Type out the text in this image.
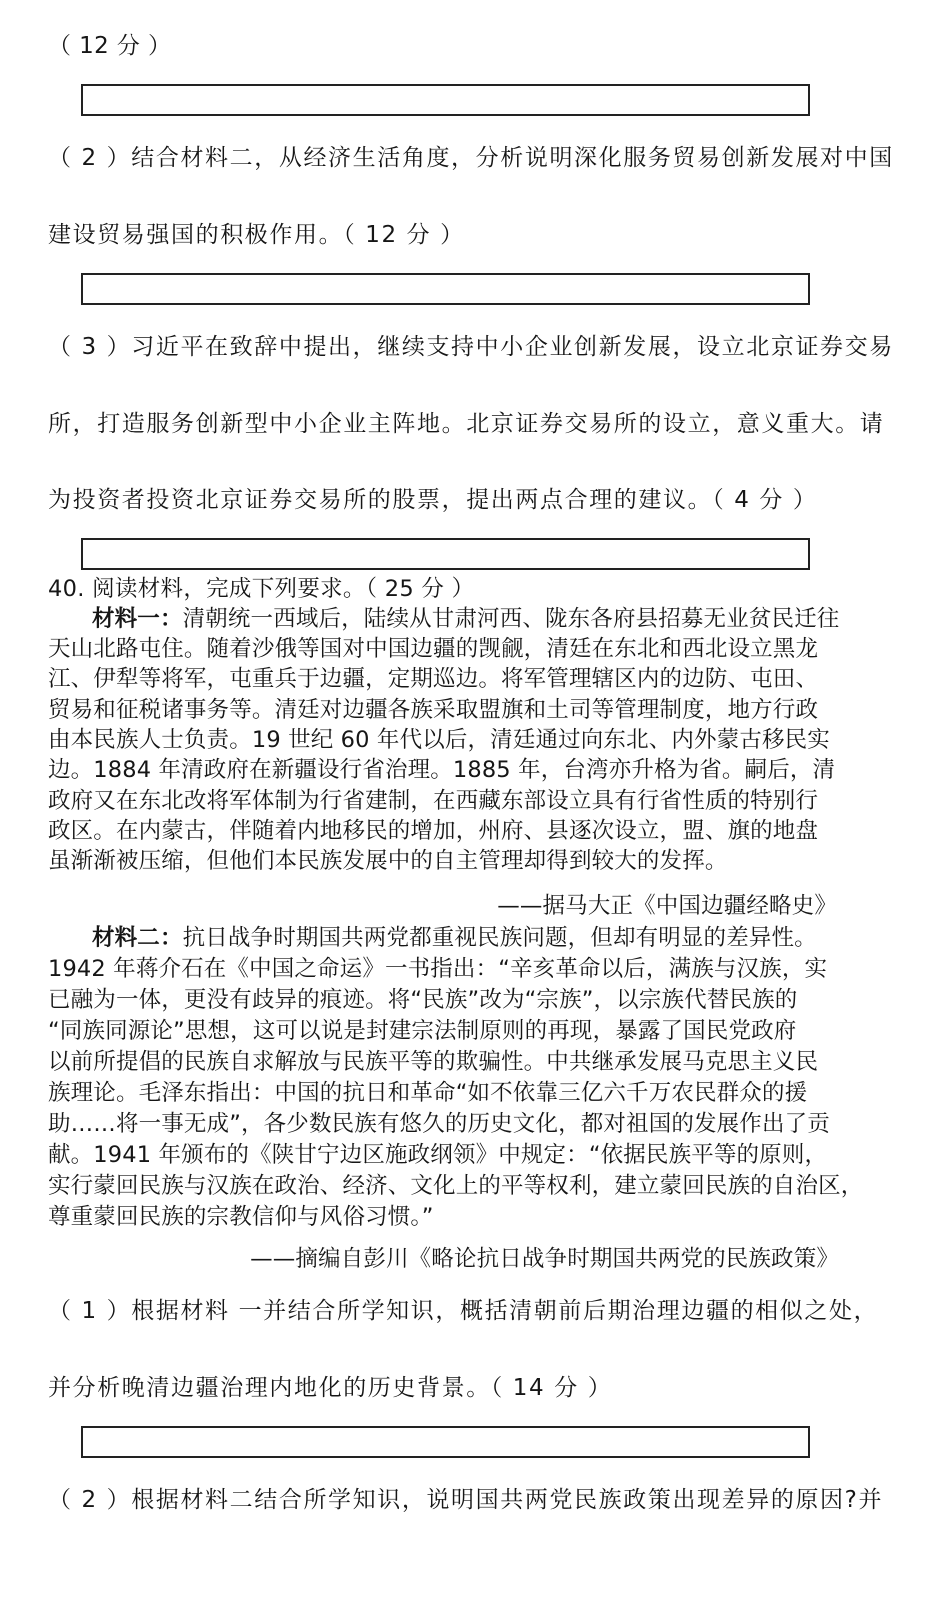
（ 12 分 ）
（ 2 ）结合材料二，从经济生活角度，分析说明深化服务贸易创新发展对中国
建设贸易强国的积极作用。（ 12 分 ）
（ 3 ）习近平在致辞中提出，继续支持中小企业创新发展，设立北京证券交易
所，打造服务创新型中小企业主阵地。北京证券交易所的设立，意义重大。请
为投资者投资北京证券交易所的股票，提出两点合理的建议。（ 4 分 ）
40. 阅读材料，完成下列要求。（ 25 分 ）
材料一：清朝统一西域后，陆续从甘肃河西、陇东各府县招募无业贫民迁往
天山北路屯住。随着沙俄等国对中国边疆的觊觎，清廷在东北和西北设立黑龙
江、伊犁等将军，屯重兵于边疆，定期巡边。将军管理辖区内的边防、屯田、
贸易和征税诸事务等。清廷对边疆各族采取盟旗和土司等管理制度，地方行政
由本民族人士负责。19 世纪 60 年代以后，清廷通过向东北、内外蒙古移民实
边。1884 年清政府在新疆设行省治理。1885 年，台湾亦升格为省。嗣后，清
政府又在东北改将军体制为行省建制，在西藏东部设立具有行省性质的特别行
政区。在内蒙古，伴随着内地移民的增加，州府、县逐次设立，盟、旗的地盘
虽渐渐被压缩，但他们本民族发展中的自主管理却得到较大的发挥。
——据马大正《中国边疆经略史》
材料二：抗日战争时期国共两党都重视民族问题，但却有明显的差异性。
1942 年蒋介石在《中国之命运》一书指出：“辛亥革命以后，满族与汉族，实
已融为一体，更没有歧异的痕迹。将“民族”改为“宗族”，以宗族代替民族的
“同族同源论”思想，这可以说是封建宗法制原则的再现，暴露了国民党政府
以前所提倡的民族自求解放与民族平等的欺骗性。中共继承发展马克思主义民
族理论。毛泽东指出：中国的抗日和革命“如不依靠三亿六千万农民群众的援
助……将一事无成”，各少数民族有悠久的历史文化，都对祖国的发展作出了贡
献。1941 年颁布的《陕甘宁边区施政纲领》中规定：“依据民族平等的原则，
实行蒙回民族与汉族在政治、经济、文化上的平等权利，建立蒙回民族的自治区，
尊重蒙回民族的宗教信仰与风俗习惯。”
——摘编自彭川《略论抗日战争时期国共两党的民族政策》
（ 1 ）根据材料 一并结合所学知识，概括清朝前后期治理边疆的相似之处，
并分析晚清边疆治理内地化的历史背景。（ 14 分 ）
（ 2 ）根据材料二结合所学知识，说明国共两党民族政策出现差异的原因?并
